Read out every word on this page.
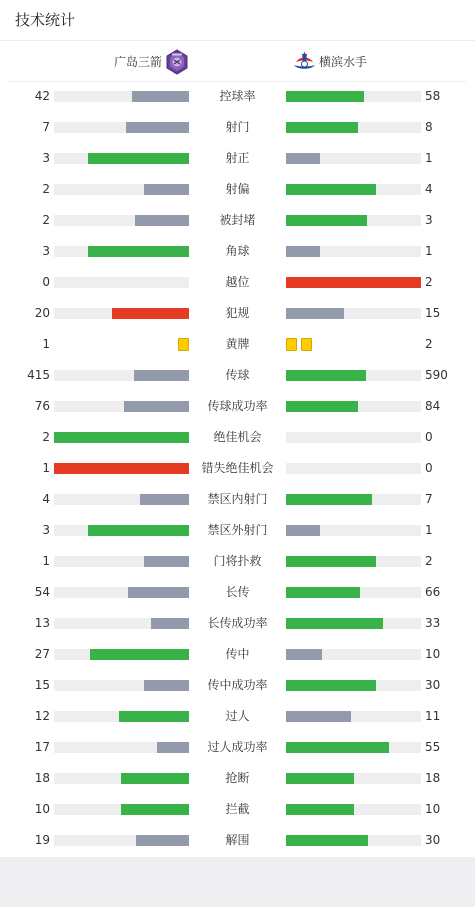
技术统计
广岛三箭	横滨水手
42	控球率	58
7	射门	8
3	射正	1
2	射偏	4
2	被封堵	3
3	角球	1
0	越位	2
20	犯规	15
1	黄牌	2
415	传球	590
76	传球成功率	84
2	绝佳机会	0
1	错失绝佳机会	0
4	禁区内射门	7
3	禁区外射门	1
1	门将扑救	2
54	长传	66
13	长传成功率	33
27	传中	10
15	传中成功率	30
12	过人	11
17	过人成功率	55
18	抢断	18
10	拦截	10
19	解围	30
